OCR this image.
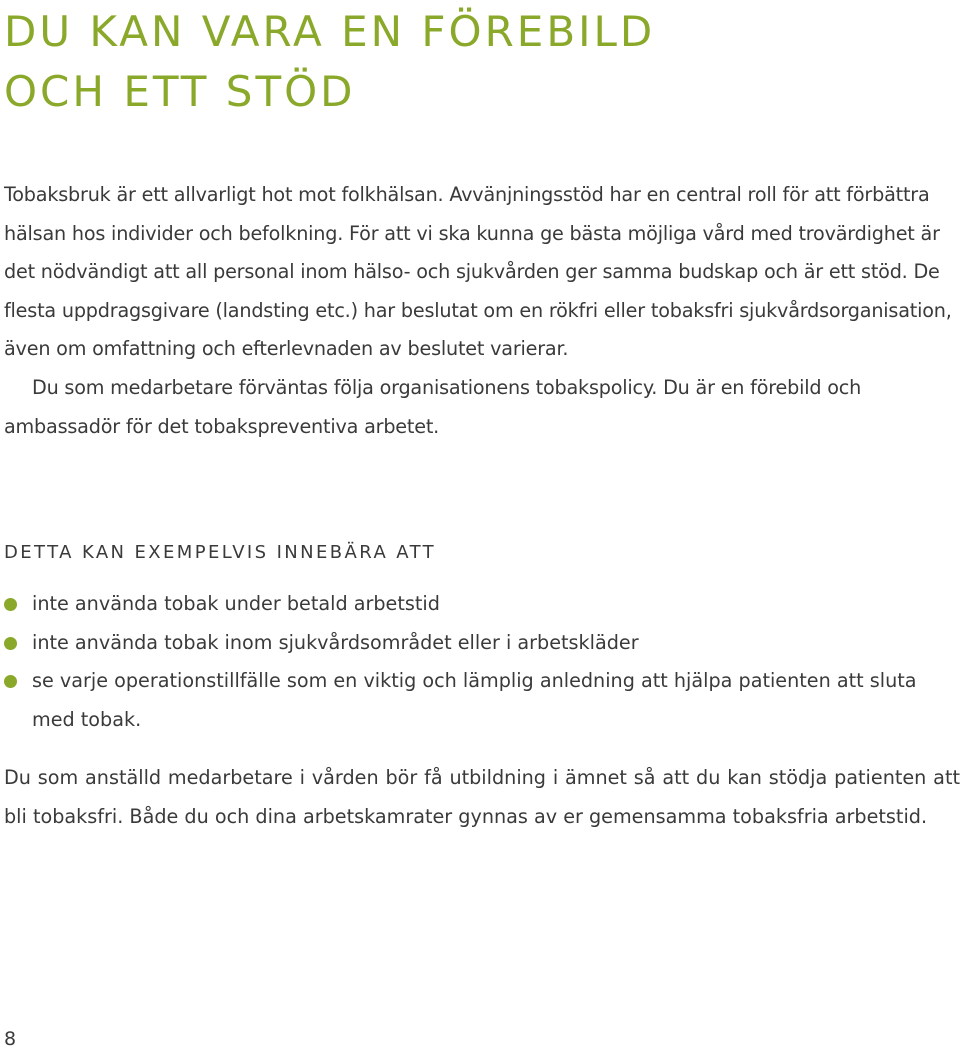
DU KAN VARA EN FÖREBILD
OCH ETT STÖD

Tobaksbruk är ett allvarligt hot mot folkhälsan. Avvänjningsstöd har en central roll för att förbättra hälsan hos individer och befolkning. För att vi ska kunna ge bästa möjliga vård med trovärdighet är det nödvändigt att all personal inom hälso- och sjukvården ger samma budskap och är ett stöd. De flesta uppdragsgivare (landsting etc.) har beslutat om en rökfri eller tobaksfri sjukvårdsorganisation, även om omfattning och efterlevnaden av beslutet varierar.

Du som medarbetare förväntas följa organisationens tobakspolicy. Du är en förebild och ambassadör för det tobakspreventiva arbetet.

DETTA KAN EXEMPELVIS INNEBÄRA ATT
inte använda tobak under betald arbetstid
inte använda tobak inom sjukvårdsområdet eller i arbetskläder
se varje operationstillfälle som en viktig och lämplig anledning att hjälpa patienten att sluta med tobak.

Du som anställd medarbetare i vården bör få utbildning i ämnet så att du kan stödja patienten att bli tobaksfri. Både du och dina arbetskamrater gynnas av er gemensamma tobaksfria arbetstid.

8
